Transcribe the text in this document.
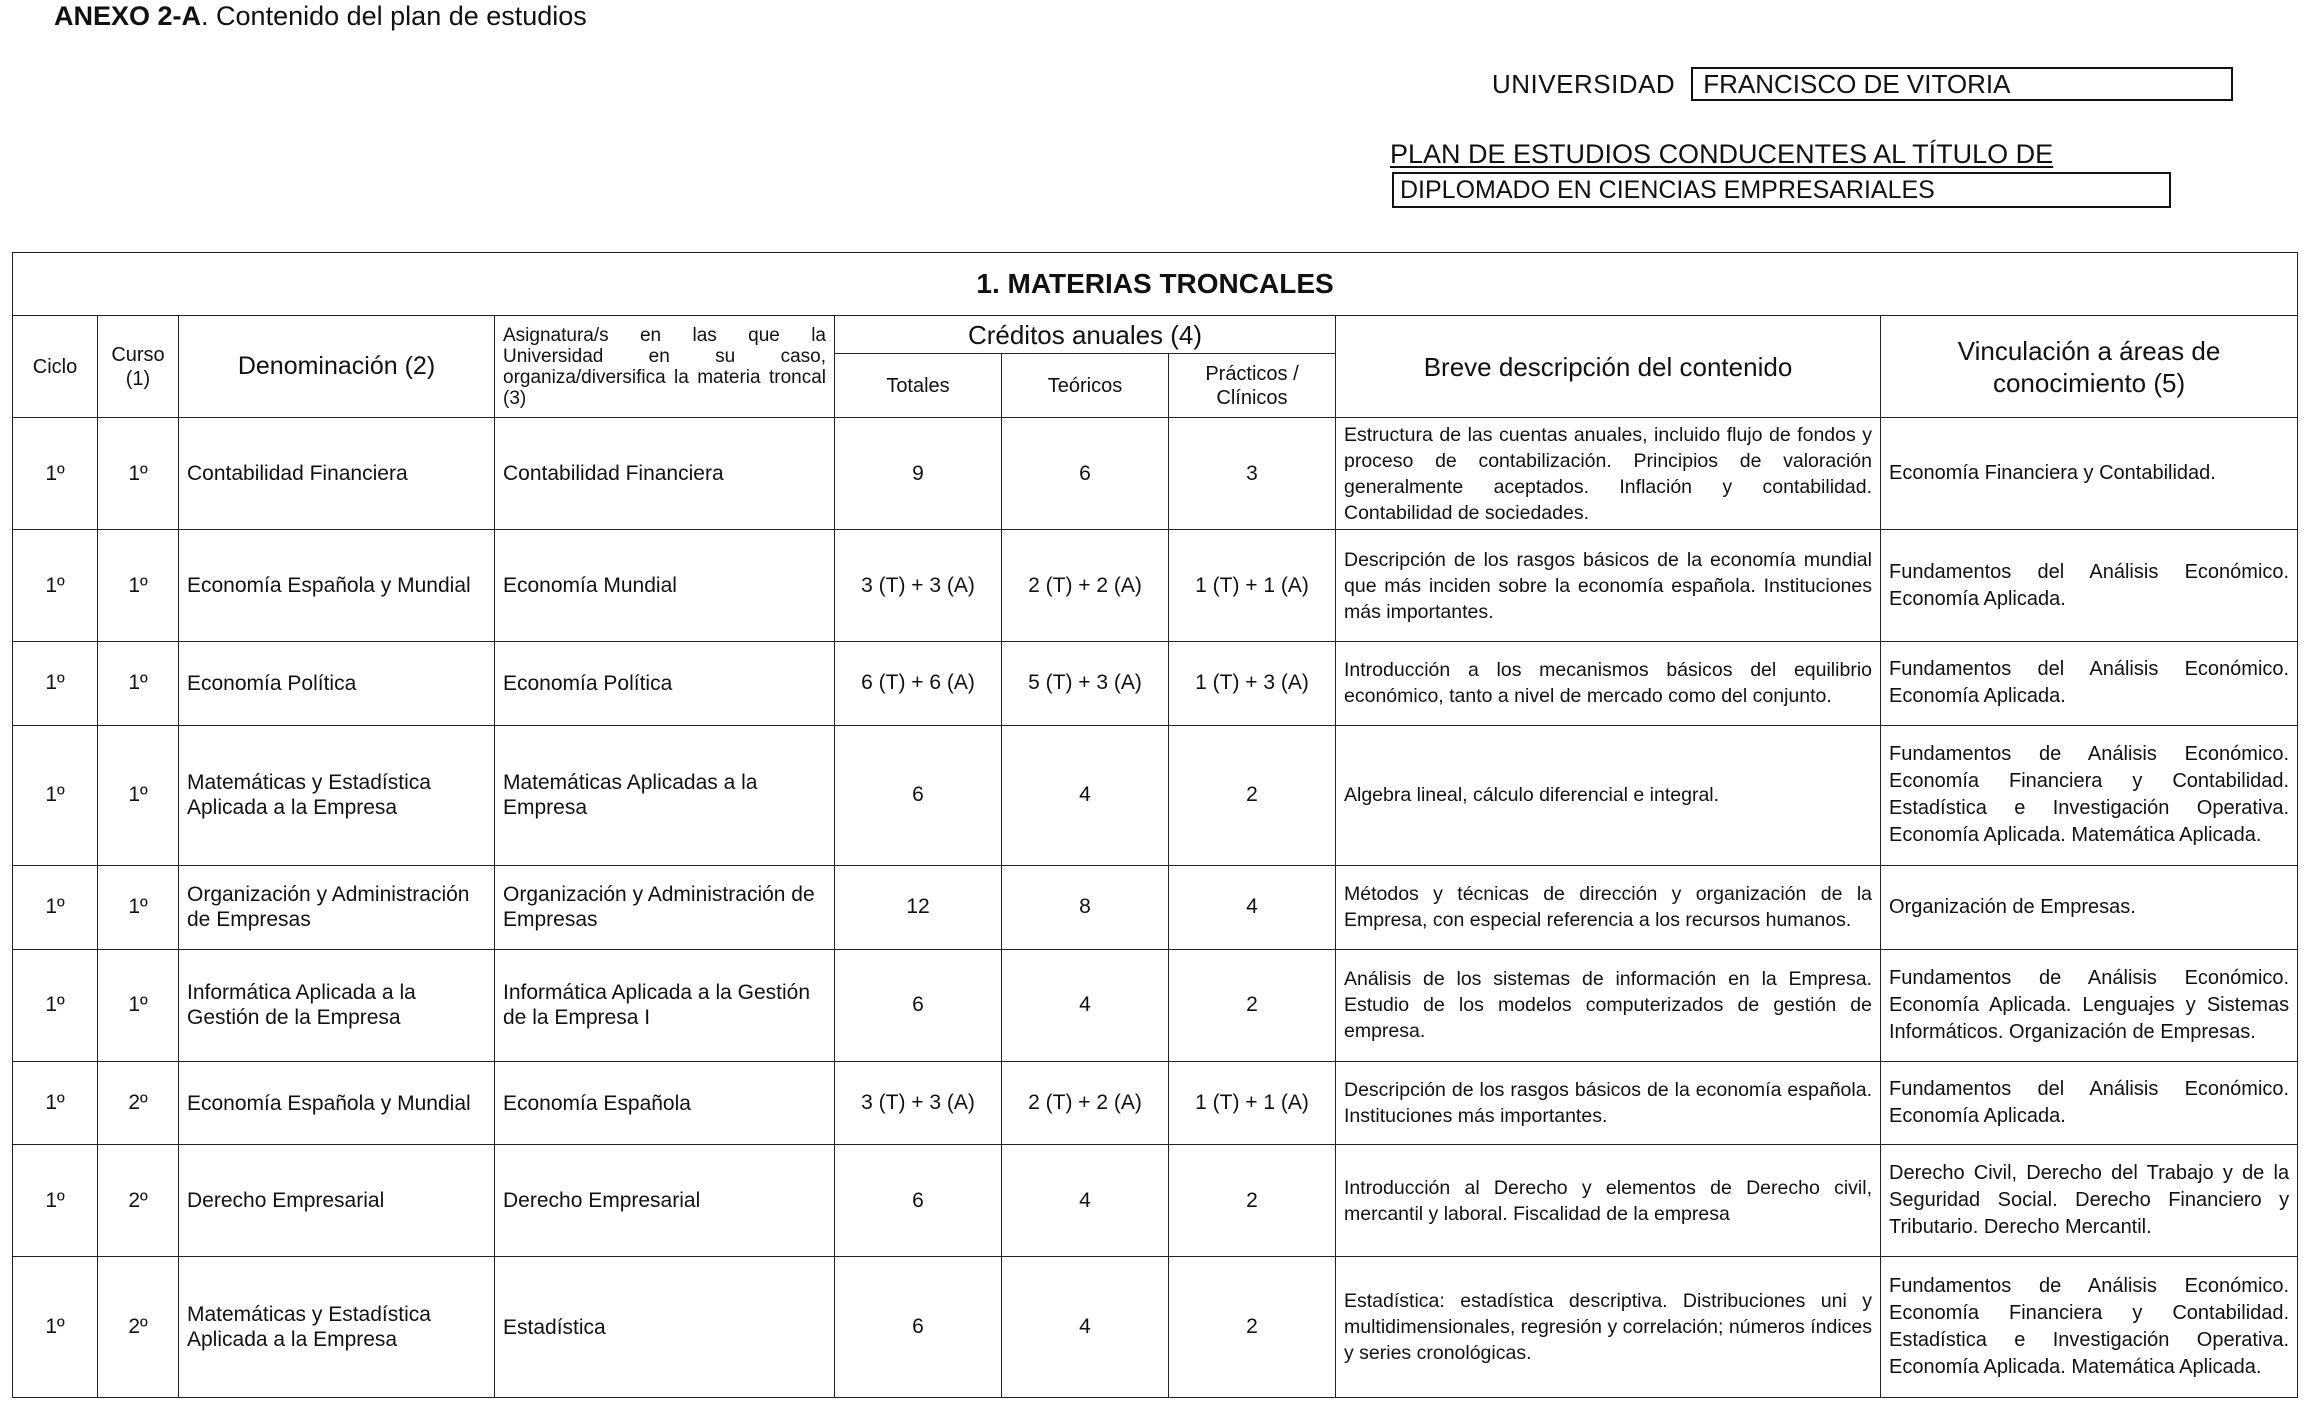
ANEXO 2-A. Contenido del plan de estudios
UNIVERSIDAD	FRANCISCO DE VITORIA
PLAN DE ESTUDIOS CONDUCENTES AL TÍTULO DE
DIPLOMADO EN CIENCIAS EMPRESARIALES
1. MATERIAS TRONCALES								
Ciclo	Curso (1)	Denominación (2)	Asignatura/s en las que la Universidad en su caso, organiza/diversifica la materia troncal (3)	Créditos anuales (4)			Breve descripción del contenido	Vinculación a áreas de conocimiento (5)
				Totales	Teóricos	Prácticos / Clínicos		
1º	1º	Contabilidad Financiera	Contabilidad Financiera	9	6	3	Estructura de las cuentas anuales, incluido flujo de fondos y proceso de contabilización. Principios de valoración generalmente aceptados. Inflación y contabilidad. Contabilidad de sociedades.	Economía Financiera y Contabilidad.
1º	1º	Economía Española y Mundial	Economía Mundial	3 (T) + 3 (A)	2 (T) + 2 (A)	1 (T) + 1 (A)	Descripción de los rasgos básicos de la economía mundial que más inciden sobre la economía española. Instituciones más importantes.	Fundamentos del Análisis Económico. Economía Aplicada.
1º	1º	Economía Política	Economía Política	6 (T) + 6 (A)	5 (T) + 3 (A)	1 (T) + 3 (A)	Introducción a los mecanismos básicos del equilibrio económico, tanto a nivel de mercado como del conjunto.	Fundamentos del Análisis Económico. Economía Aplicada.
1º	1º	Matemáticas y Estadística Aplicada a la Empresa	Matemáticas Aplicadas a la Empresa	6	4	2	Algebra lineal, cálculo diferencial e integral.	Fundamentos de Análisis Económico. Economía Financiera y Contabilidad. Estadística e Investigación Operativa. Economía Aplicada. Matemática Aplicada.
1º	1º	Organización y Administración de Empresas	Organización y Administración de Empresas	12	8	4	Métodos y técnicas de dirección y organización de la Empresa, con especial referencia a los recursos humanos.	Organización de Empresas.
1º	1º	Informática Aplicada a la Gestión de la Empresa	Informática Aplicada a la Gestión de la Empresa I	6	4	2	Análisis de los sistemas de información en la Empresa. Estudio de los modelos computerizados de gestión de empresa.	Fundamentos de Análisis Económico. Economía Aplicada. Lenguajes y Sistemas Informáticos. Organización de Empresas.
1º	2º	Economía Española y Mundial	Economía Española	3 (T) + 3 (A)	2 (T) + 2 (A)	1 (T) + 1 (A)	Descripción de los rasgos básicos de la economía española. Instituciones más importantes.	Fundamentos del Análisis Económico. Economía Aplicada.
1º	2º	Derecho Empresarial	Derecho Empresarial	6	4	2	Introducción al Derecho y elementos de Derecho civil, mercantil y laboral. Fiscalidad de la empresa	Derecho Civil, Derecho del Trabajo y de la Seguridad Social. Derecho Financiero y Tributario. Derecho Mercantil.
1º	2º	Matemáticas y Estadística Aplicada a la Empresa	Estadística	6	4	2	Estadística: estadística descriptiva. Distribuciones uni y multidimensionales, regresión y correlación; números índices y series cronológicas.	Fundamentos de Análisis Económico. Economía Financiera y Contabilidad. Estadística e Investigación Operativa. Economía Aplicada. Matemática Aplicada.
